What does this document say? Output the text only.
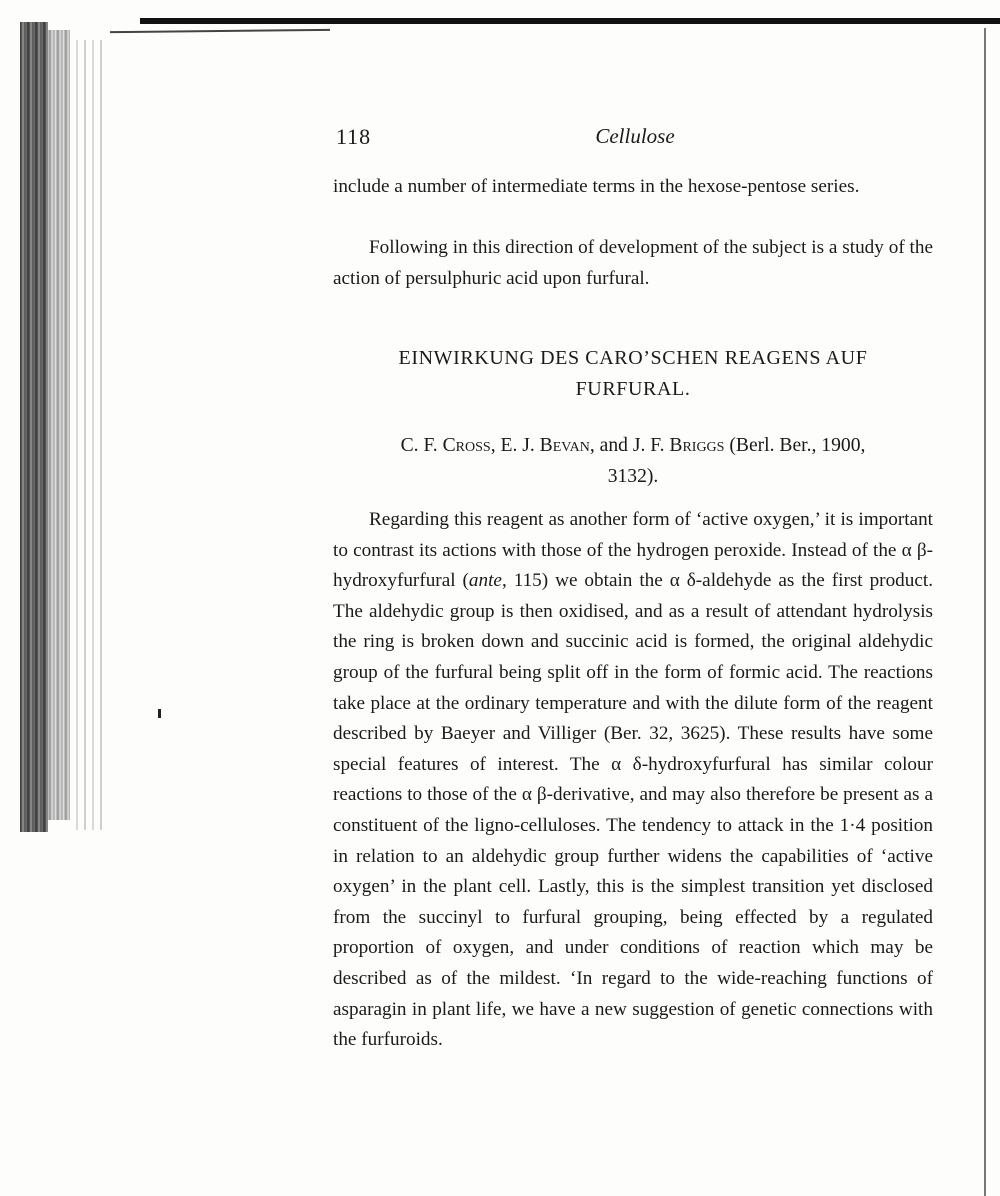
118	Cellulose

include a number of intermediate terms in the hexose-pentose series.

Following in this direction of development of the subject is a study of the action of persulphuric acid upon furfural.

EINWIRKUNG DES CARO’SCHEN REAGENS AUF
FURFURAL.
C. F. Cross, E. J. Bevan, and J. F. Briggs (Berl. Ber., 1900,
3132).

Regarding this reagent as another form of ‘active oxygen,’ it is important to contrast its actions with those of the hydrogen peroxide. Instead of the α β-hydroxyfurfural (ante, 115) we obtain the α δ-aldehyde as the first product. The aldehydic group is then oxidised, and as a result of attendant hydrolysis the ring is broken down and succinic acid is formed, the original aldehydic group of the furfural being split off in the form of formic acid. The reactions take place at the ordinary temperature and with the dilute form of the reagent described by Baeyer and Villiger (Ber. 32, 3625). These results have some special features of interest. The α δ-hydroxyfurfural has similar colour reactions to those of the α β-derivative, and may also therefore be present as a constituent of the ligno-celluloses. The tendency to attack in the 1·4 position in relation to an aldehydic group further widens the capabilities of ‘active oxygen’ in the plant cell. Lastly, this is the simplest transition yet disclosed from the succinyl to furfural grouping, being effected by a regulated proportion of oxygen, and under conditions of reaction which may be described as of the mildest. ‘In regard to the wide-reaching functions of asparagin in plant life, we have a new suggestion of genetic connections with the furfuroids.
